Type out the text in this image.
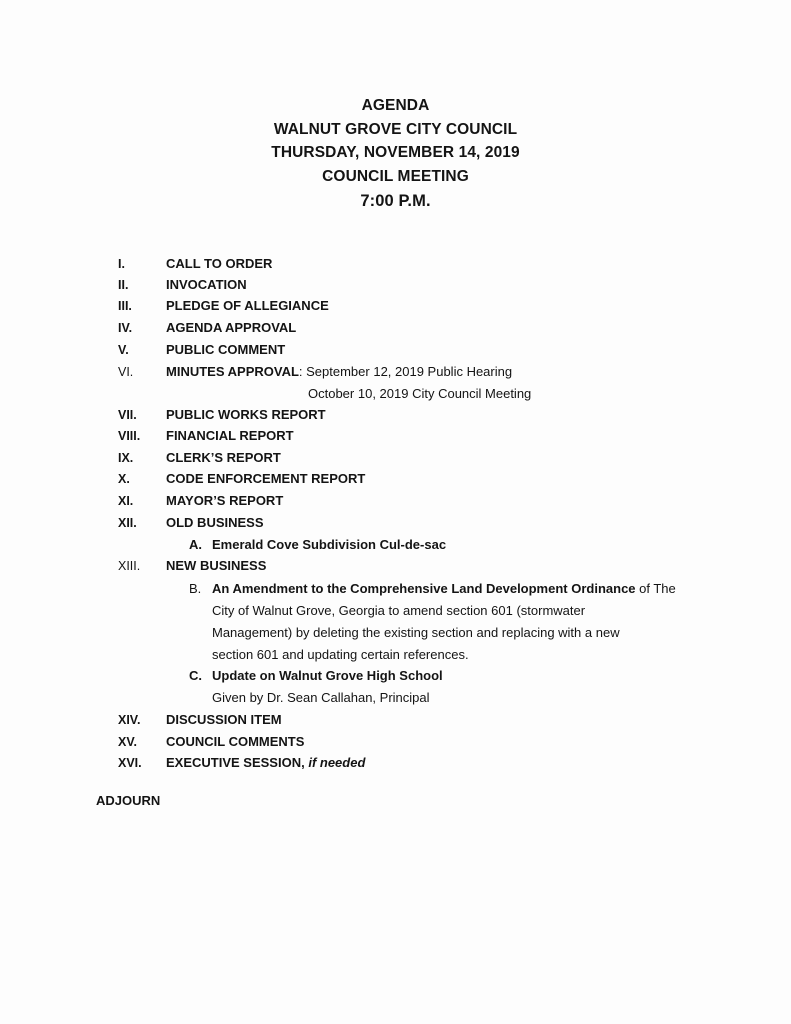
AGENDA
WALNUT GROVE CITY COUNCIL
THURSDAY, NOVEMBER 14, 2019
COUNCIL MEETING
7:00 P.M.
I.	CALL TO ORDER
II.	INVOCATION
III.	PLEDGE OF ALLEGIANCE
IV.	AGENDA APPROVAL
V.	PUBLIC COMMENT
VI.	MINUTES APPROVAL: September 12, 2019 Public Hearing
October 10, 2019 City Council Meeting
VII. PUBLIC WORKS REPORT
VIII. FINANCIAL REPORT
IX.	CLERK’S REPORT
X.	CODE ENFORCEMENT REPORT
XI.	MAYOR’S REPORT
XII. OLD BUSINESS
A. Emerald Cove Subdivision Cul-de-sac
XIII. NEW BUSINESS
B. An Amendment to the Comprehensive Land Development Ordinance of The
City of Walnut Grove, Georgia to amend section 601 (stormwater
Management) by deleting the existing section and replacing with a new
section 601 and updating certain references.
C. Update on Walnut Grove High School
Given by Dr. Sean Callahan, Principal
XIV. DISCUSSION ITEM
XV. COUNCIL COMMENTS
XVI. EXECUTIVE SESSION, if needed
ADJOURN
